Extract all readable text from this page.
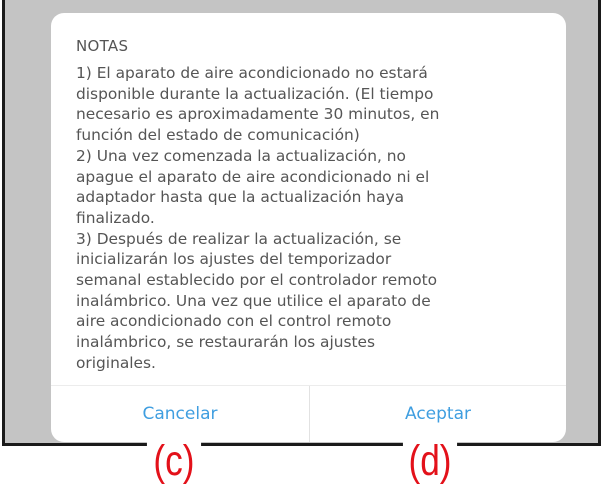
NOTAS

1) El aparato de aire acondicionado no estará

disponible durante la actualización. (El tiempo

necesario es aproximadamente 30 minutos, en

función del estado de comunicación)

2) Una vez comenzada la actualización, no

apague el aparato de aire acondicionado ni el

adaptador hasta que la actualización haya

finalizado.

3) Después de realizar la actualización, se

inicializarán los ajustes del temporizador

semanal establecido por el controlador remoto

inalámbrico. Una vez que utilice el aparato de

aire acondicionado con el control remoto

inalámbrico, se restaurarán los ajustes

originales.

Cancelar	Aceptar
(c)	(d)
